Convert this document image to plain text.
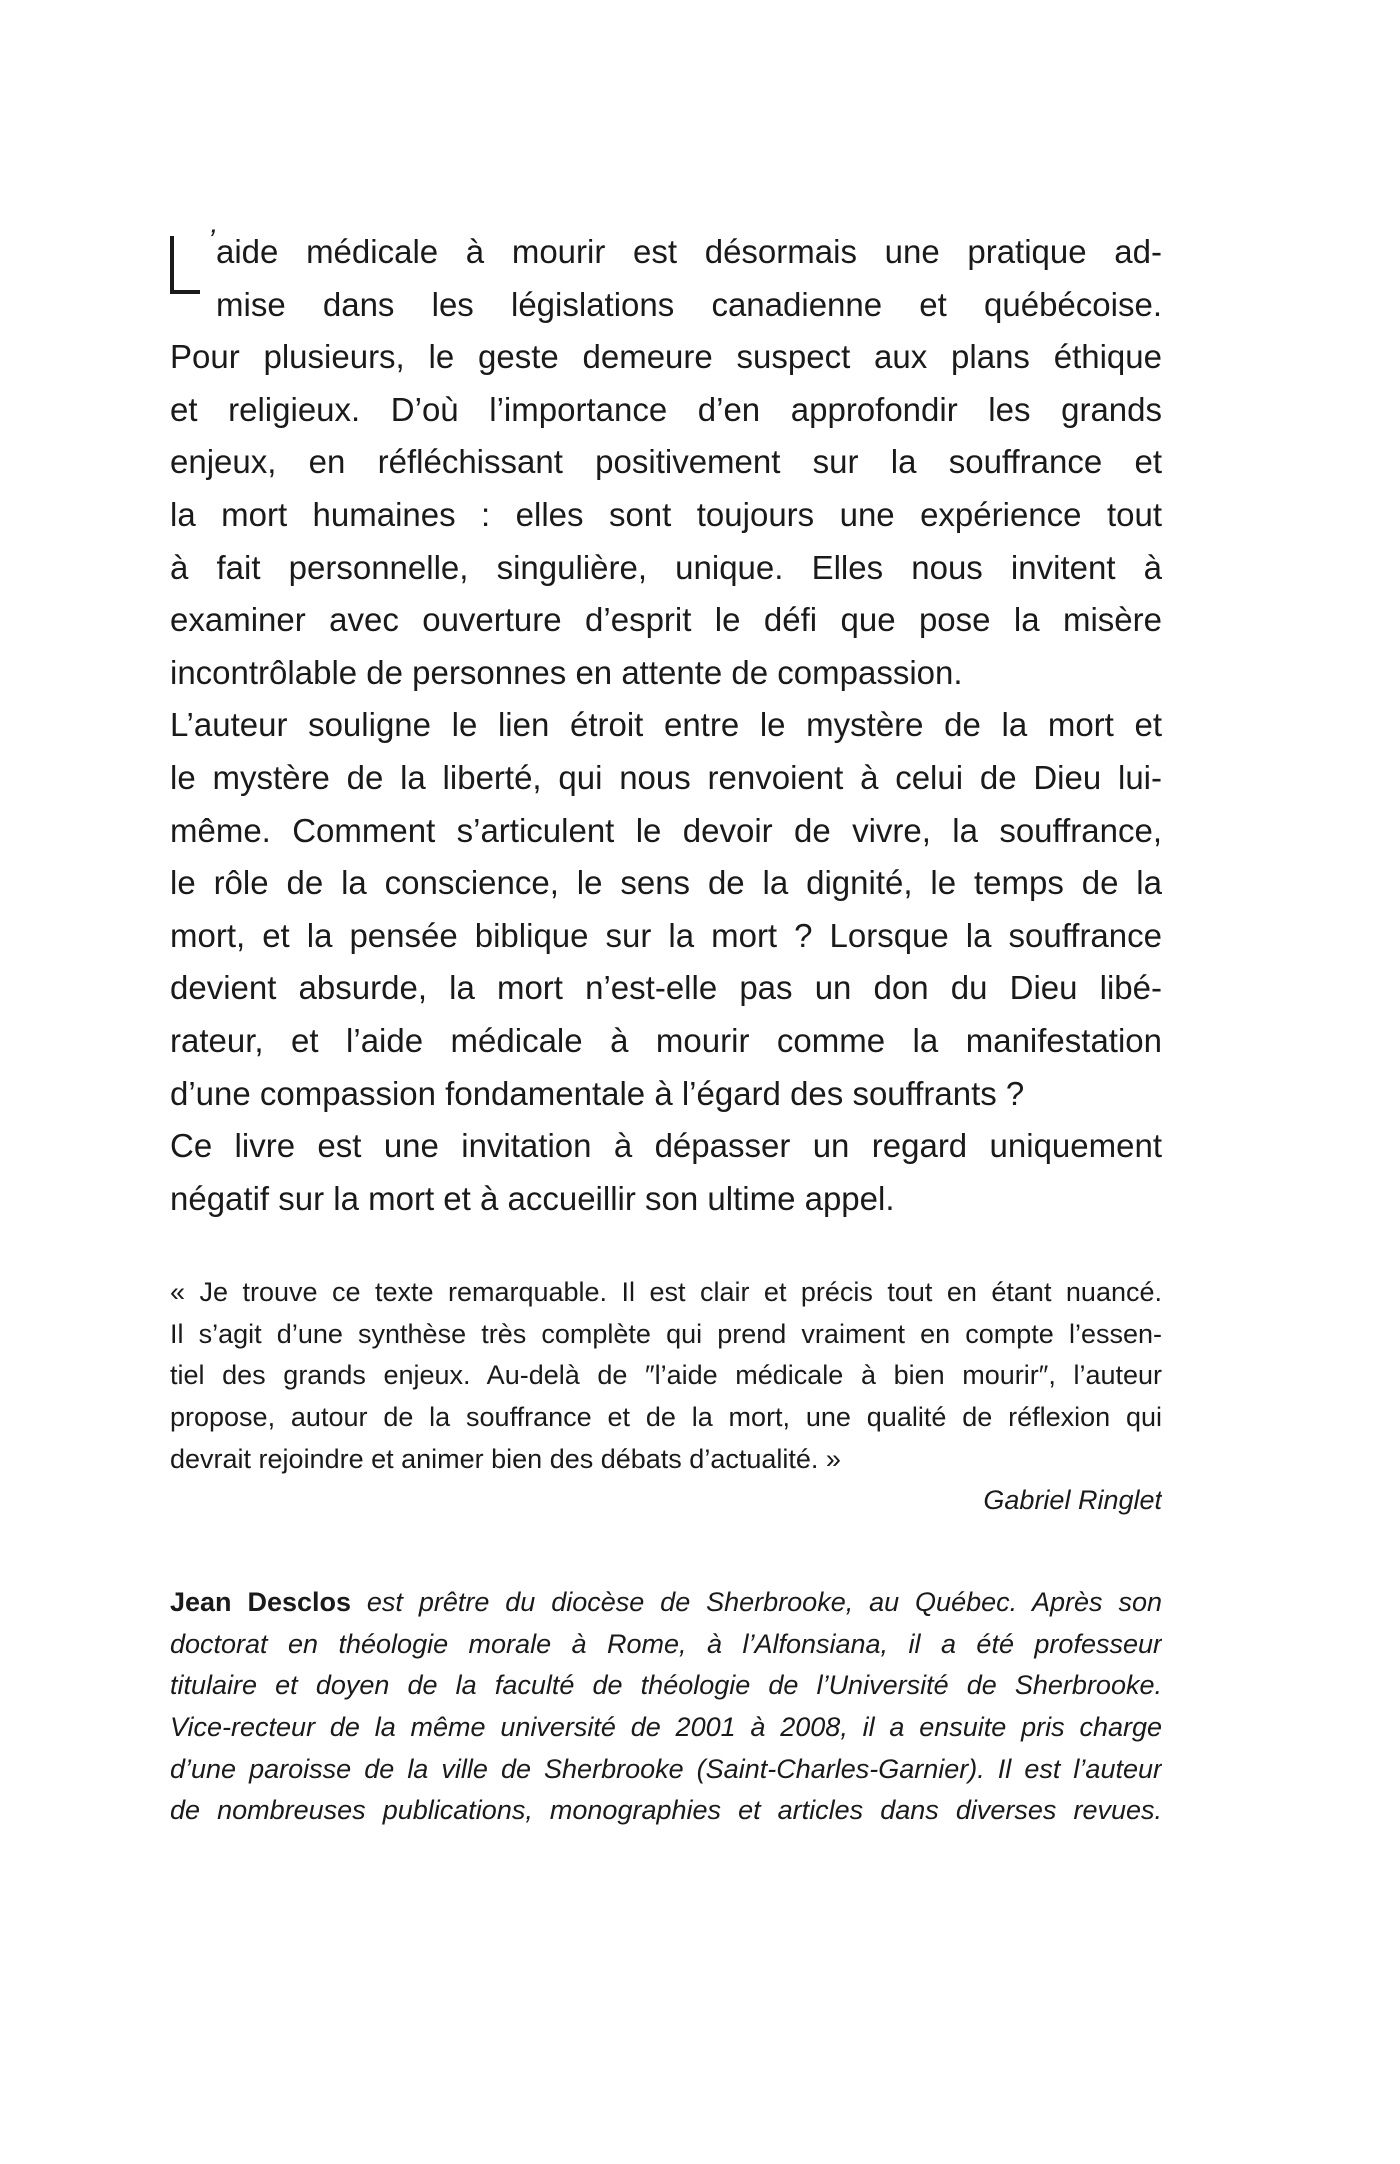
’ aide médicale à mourir est désormais une pratique ad-
mise dans les législations canadienne et québécoise.
Pour plusieurs, le geste demeure suspect aux plans éthique
et religieux. D’où l’importance d’en approfondir les grands
enjeux, en réfléchissant positivement sur la souffrance et
la mort humaines : elles sont toujours une expérience tout
à fait personnelle, singulière, unique. Elles nous invitent à
examiner avec ouverture d’esprit le défi que pose la misère
incontrôlable de personnes en attente de compassion.
L’auteur souligne le lien étroit entre le mystère de la mort et
le mystère de la liberté, qui nous renvoient à celui de Dieu lui-
même. Comment s’articulent le devoir de vivre, la souffrance,
le rôle de la conscience, le sens de la dignité, le temps de la
mort, et la pensée biblique sur la mort ? Lorsque la souffrance
devient absurde, la mort n’est-elle pas un don du Dieu libé-
rateur, et l’aide médicale à mourir comme la manifestation
d’une compassion fondamentale à l’égard des souffrants ?
Ce livre est une invitation à dépasser un regard uniquement
négatif sur la mort et à accueillir son ultime appel.
« Je trouve ce texte remarquable. Il est clair et précis tout en étant nuancé.
Il s’agit d’une synthèse très complète qui prend vraiment en compte l’essen-
tiel des grands enjeux. Au-delà de ″l’aide médicale à bien mourir″, l’auteur
propose, autour de la souffrance et de la mort, une qualité de réflexion qui
devrait rejoindre et animer bien des débats d’actualité. »
Gabriel Ringlet
Jean Desclos est prêtre du diocèse de Sherbrooke, au Québec. Après son
doctorat en théologie morale à Rome, à l’Alfonsiana, il a été professeur
titulaire et doyen de la faculté de théologie de l’Université de Sherbrooke.
Vice-recteur de la même université de 2001 à 2008, il a ensuite pris charge
d’une paroisse de la ville de Sherbrooke (Saint-Charles-Garnier). Il est l’auteur
de nombreuses publications, monographies et articles dans diverses revues.
